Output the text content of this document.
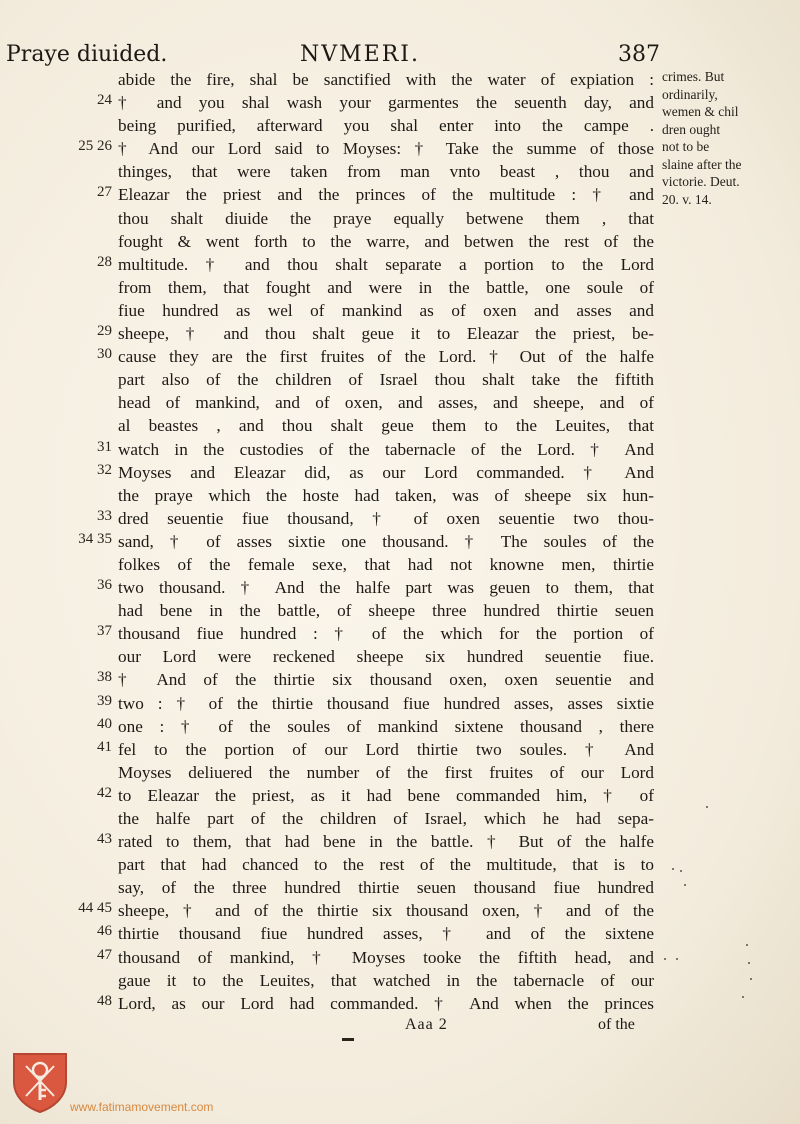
Praye diuided.	NVMERI.	387
abide the fire, shal be sanctified with the water of expiation :
24 † and you shal wash your garmentes the seuenth day, and
being purified, afterward you shal enter into the campe .
25 26 † And our Lord said to Moyses: † Take the summe of those
thinges, that were taken from man vnto beast , thou and
27 Eleazar the priest and the princes of the multitude : † and
thou shalt diuide the praye equally betwene them , that
fought & went forth to the warre, and betwen the rest of the
28 multitude. † and thou shalt separate a portion to the Lord
from them, that fought and were in the battle, one soule of
fiue hundred as wel of mankind as of oxen and asses and
29 sheepe, † and thou shalt geue it to Eleazar the priest, be-
30 cause they are the first fruites of the Lord. † Out of the halfe
part also of the children of Israel thou shalt take the fiftith
head of mankind, and of oxen, and asses, and sheepe, and of
al beastes , and thou shalt geue them to the Leuites, that
31 watch in the custodies of the tabernacle of the Lord. † And
32 Moyses and Eleazar did, as our Lord commanded. † And
the praye which the hoste had taken, was of sheepe six hun-
33 dred seuentie fiue thousand, † of oxen seuentie two thou-
34 35 sand, † of asses sixtie one thousand. † The soules of the
folkes of the female sexe, that had not knowne men, thirtie
36 two thousand. † And the halfe part was geuen to them, that
had bene in the battle, of sheepe three hundred thirtie seuen
37 thousand fiue hundred : † of the which for the portion of
our Lord were reckened sheepe six hundred seuentie fiue.
38 † And of the thirtie six thousand oxen, oxen seuentie and
39 two : † of the thirtie thousand fiue hundred asses, asses sixtie
40 one : † of the soules of mankind sixtene thousand , there
41 fel to the portion of our Lord thirtie two soules. † And
Moyses deliuered the number of the first fruites of our Lord
42 to Eleazar the priest, as it had bene commanded him, † of
the halfe part of the children of Israel, which he had sepa-
43 rated to them, that had bene in the battle. † But of the halfe
part that had chanced to the rest of the multitude, that is to
say, of the three hundred thirtie seuen thousand fiue hundred
44 45 sheepe, † and of the thirtie six thousand oxen, † and of the
46 thirtie thousand fiue hundred asses, † and of the sixtene
47 thousand of mankind, † Moyses tooke the fiftith head, and
gaue it to the Leuites, that watched in the tabernacle of our
48 Lord, as our Lord had commanded. † And when the princes
crimes. But
ordinarily,
wemen & chil
dren ought
not to be
slaine after the
victorie. Deut.
20. v. 14.
Aaa 2	of the
www.fatimamovement.com
